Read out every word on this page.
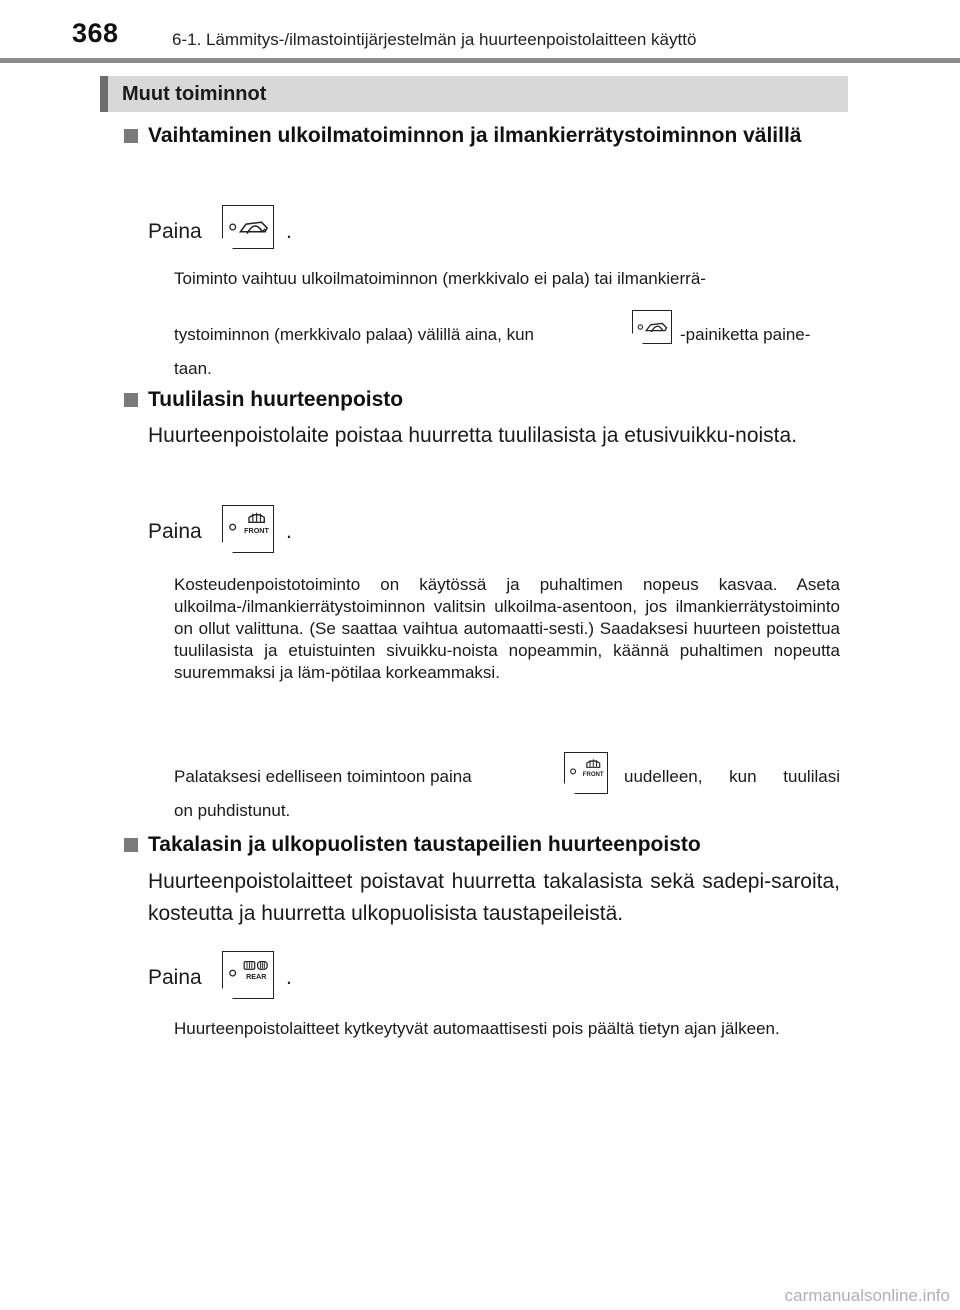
368	6-1. Lämmitys-/ilmastointijärjestelmän ja huurteenpoistolaitteen käyttö
Muut toiminnot
Vaihtaminen ulkoilmatoiminnon ja ilmankierrätystoiminnon välillä
Paina	.
Toiminto vaihtuu ulkoilmatoiminnon (merkkivalo ei pala) tai ilmankierrä-
tystoiminnon (merkkivalo palaa) välillä aina, kun	-painiketta paine-
taan.
Tuulilasin huurteenpoisto
Huurteenpoistolaite poistaa huurretta tuulilasista ja etusivuikku-noista.
Paina	FRONT .
Kosteudenpoistotoiminto on käytössä ja puhaltimen nopeus kasvaa. Aseta ulkoilma-/ilmankierrätystoiminnon valitsin ulkoilma-asentoon, jos ilmankierrätystoiminto on ollut valittuna. (Se saattaa vaihtua automaatti-sesti.) Saadaksesi huurteen poistettua tuulilasista ja etuistuinten sivuikku-noista nopeammin, käännä puhaltimen nopeutta suuremmaksi ja läm-pötilaa korkeammaksi.
Palataksesi edelliseen toimintoon paina	FRONT uudelleen, kun tuulilasi
on puhdistunut.
Takalasin ja ulkopuolisten taustapeilien huurteenpoisto
Huurteenpoistolaitteet poistavat huurretta takalasista sekä sadepi-saroita, kosteutta ja huurretta ulkopuolisista taustapeileistä.
Paina	REAR .
Huurteenpoistolaitteet kytkeytyvät automaattisesti pois päältä tietyn ajan jälkeen.
carmanualsonline.info
